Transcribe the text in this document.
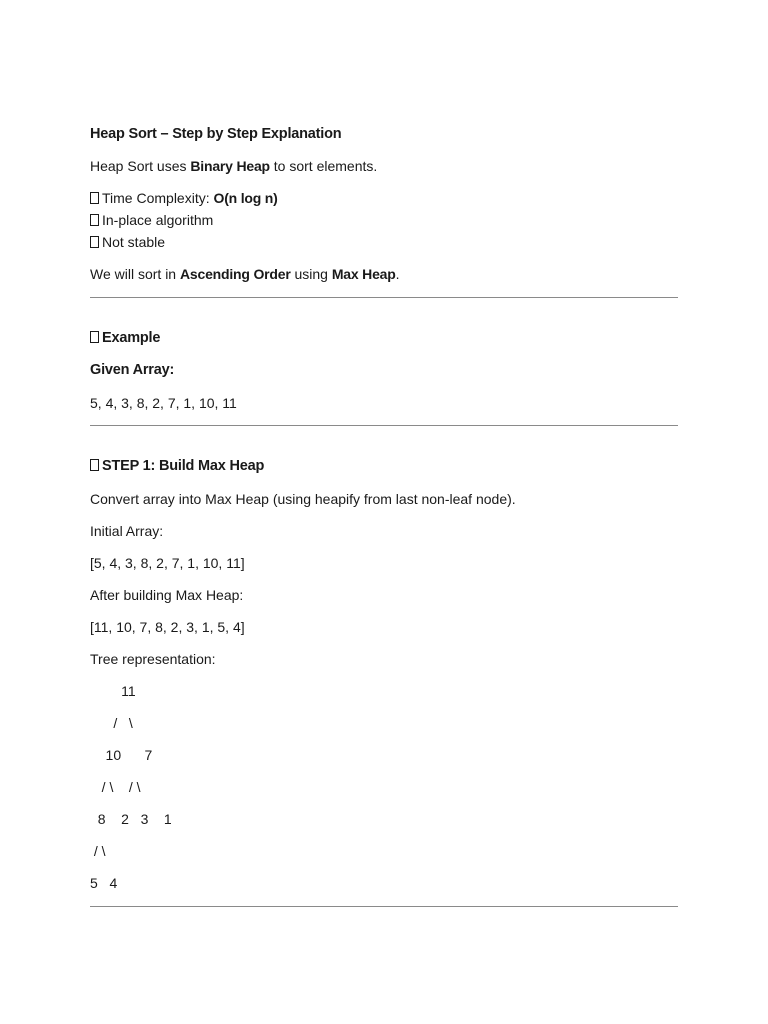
Heap Sort – Step by Step Explanation
Heap Sort uses Binary Heap to sort elements.
Time Complexity: O(n log n)
In-place algorithm
Not stable
We will sort in Ascending Order using Max Heap.
Example
Given Array:
5, 4, 3, 8, 2, 7, 1, 10, 11
STEP 1: Build Max Heap
Convert array into Max Heap (using heapify from last non-leaf node).
Initial Array:
[5, 4, 3, 8, 2, 7, 1, 10, 11]
After building Max Heap:
[11, 10, 7, 8, 2, 3, 1, 5, 4]
Tree representation:
11
/   \
10      7
/ \    / \
8    2   3    1
/ \
5   4
